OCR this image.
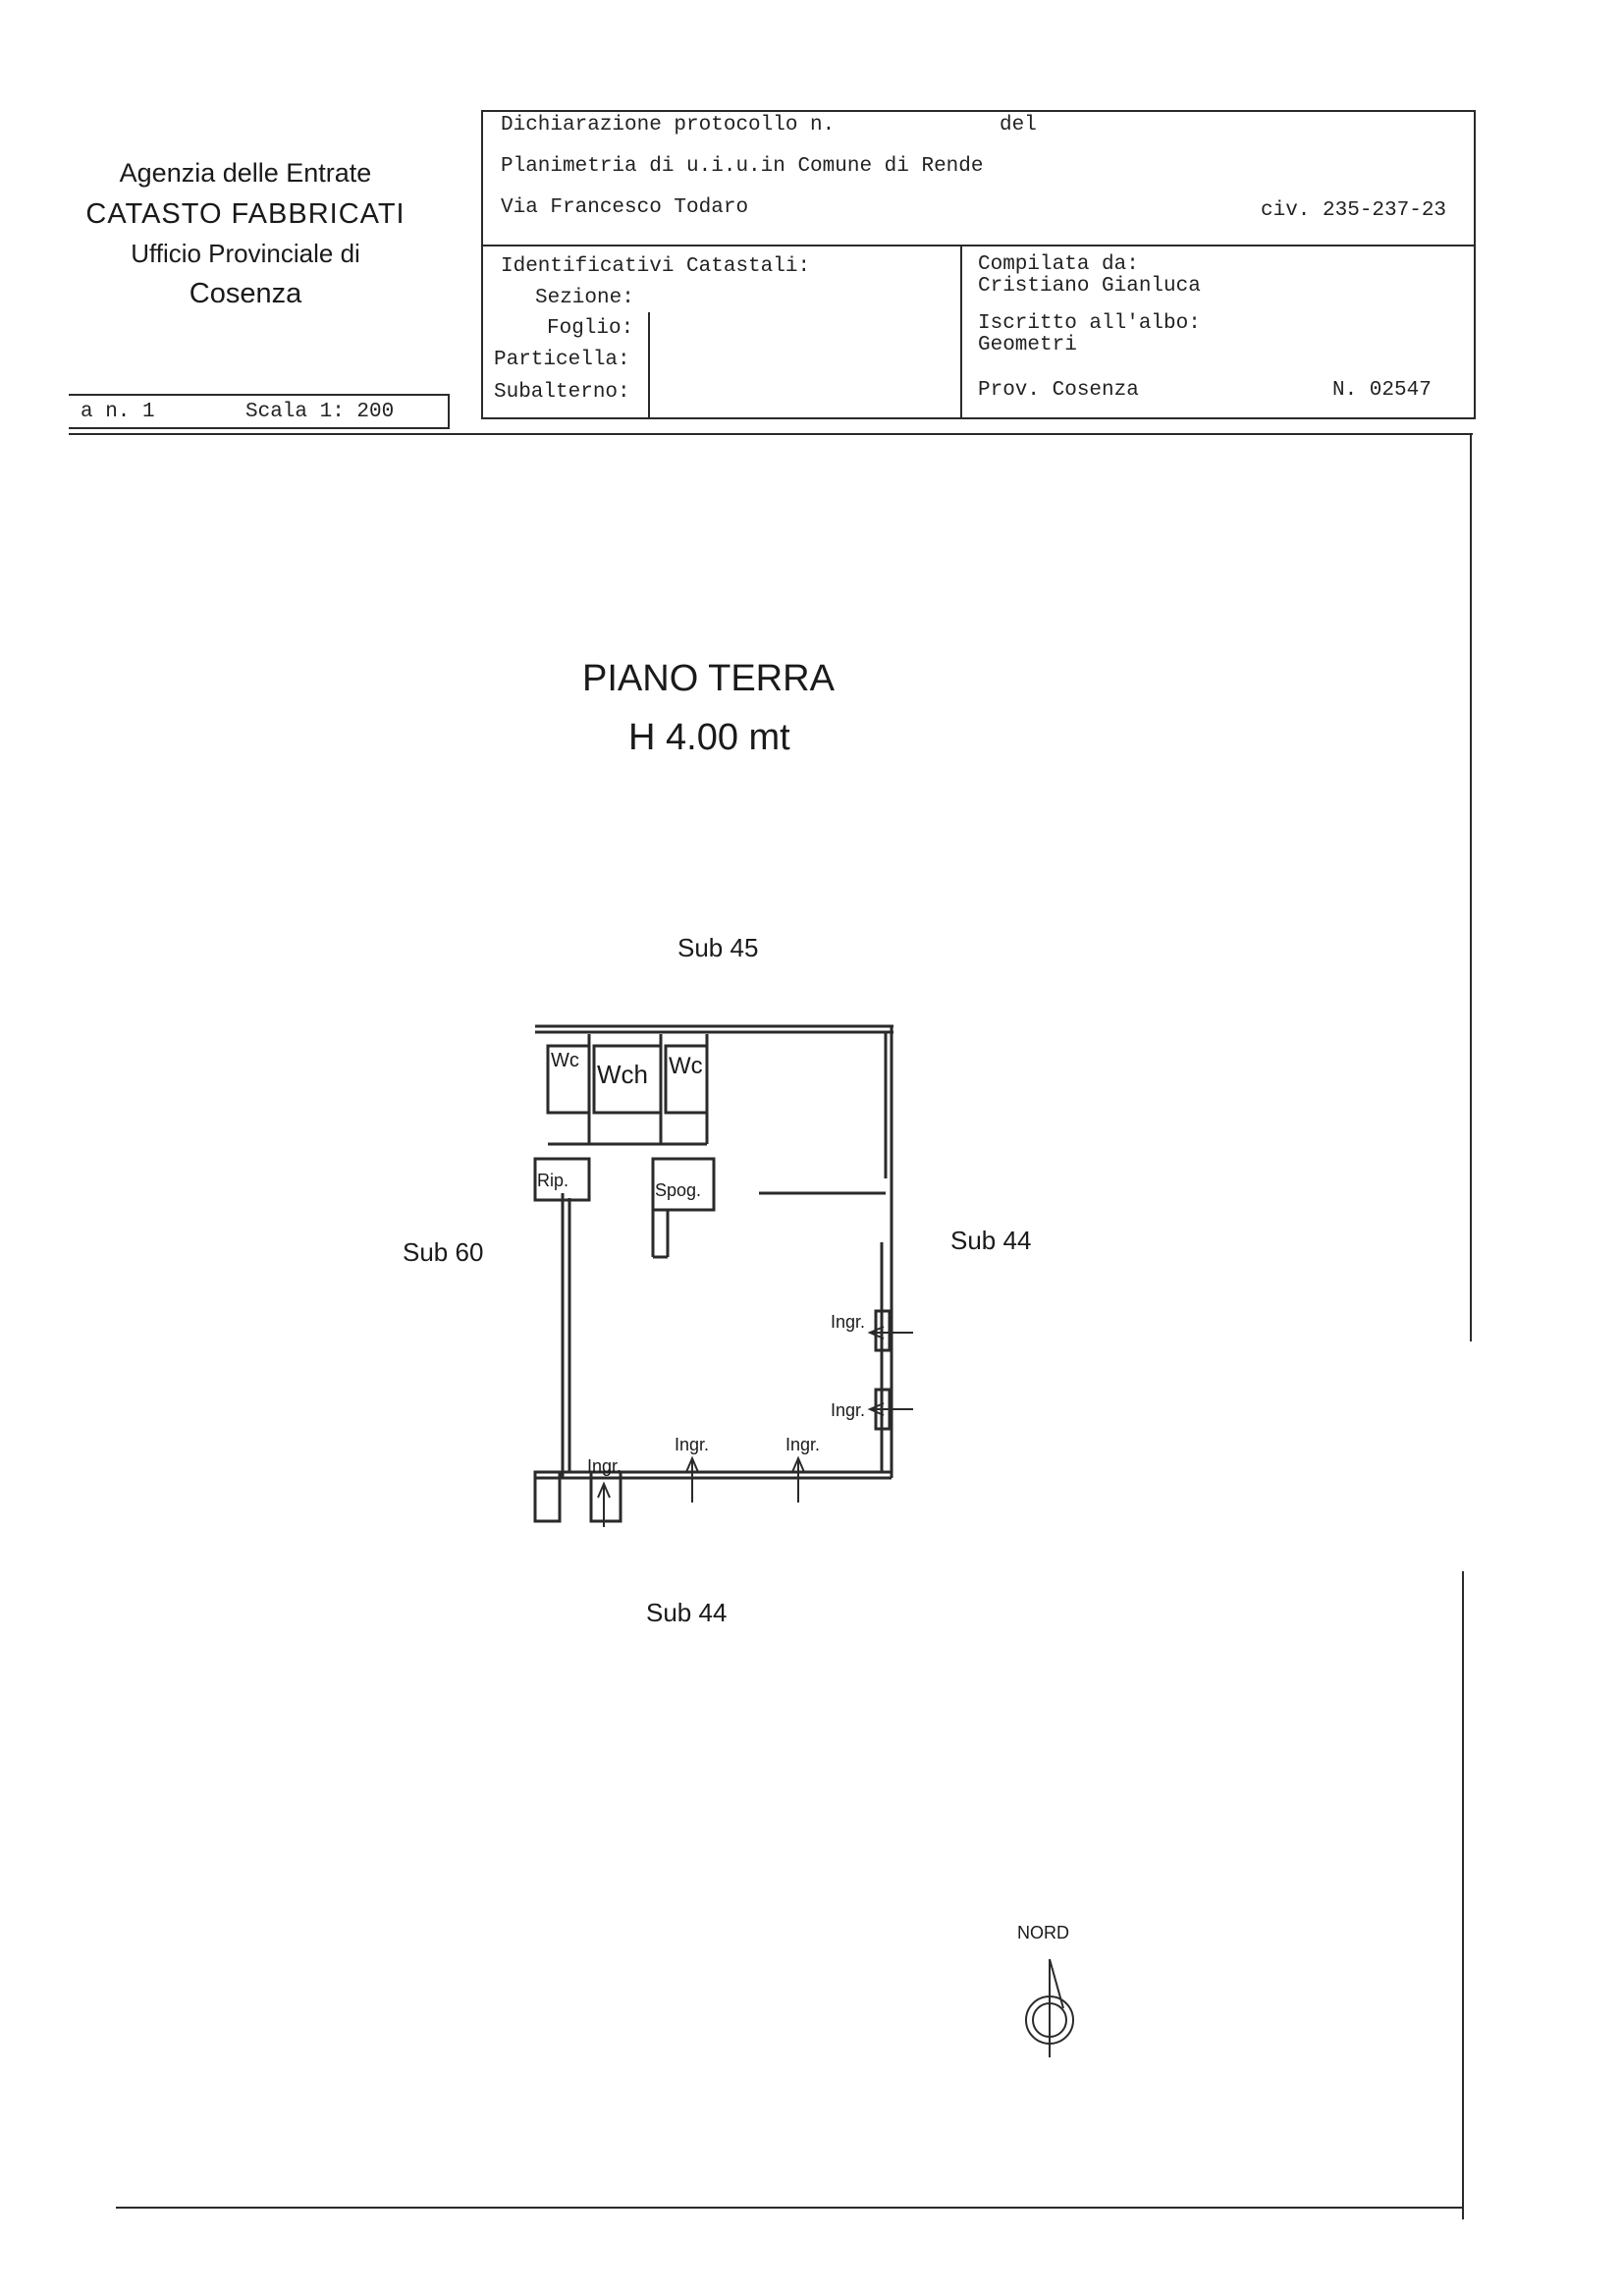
Agenzia delle Entrate
CATASTO FABBRICATI
Ufficio Provinciale di
Cosenza
a n. 1	Scala 1: 200
Dichiarazione protocollo n.	del
Planimetria di u.i.u.in Comune di Rende
Via Francesco Todaro	civ. 235-237-23
Identificativi Catastali:
Sezione:
Foglio:
Particella:
Subalterno:
Compilata da:
Cristiano Gianluca
Iscritto all'albo:
Geometri
Prov. Cosenza	N. 02547
PIANO TERRA
H 4.00 mt
Sub 45
Sub 60	Sub 44
Sub 44
Wc Wch Wc
Rip.	Spog.
Ingr.
Ingr.	Ingr.
Ingr.
Ingr.
NORD
